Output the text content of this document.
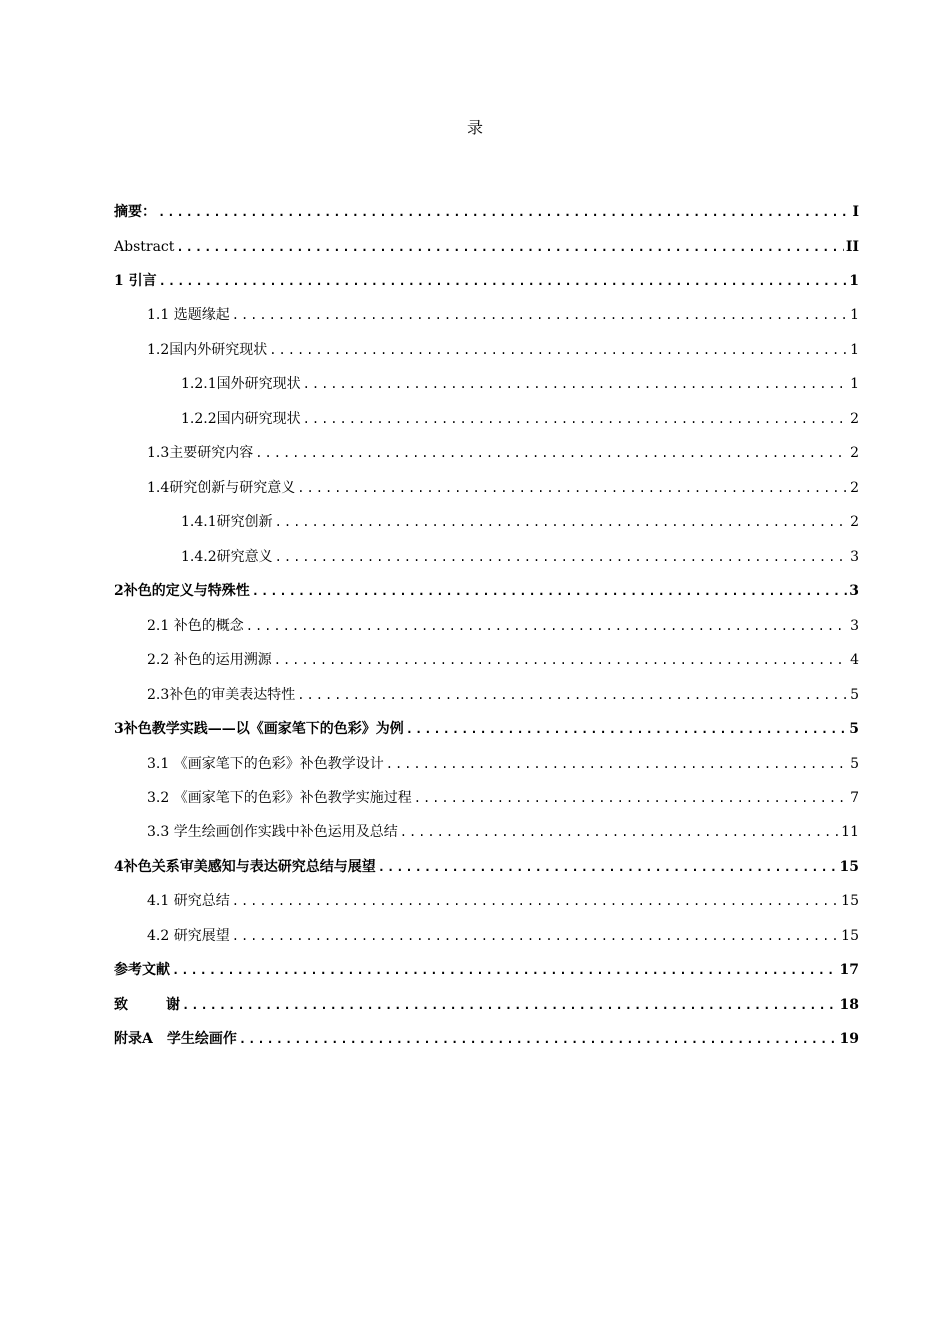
录
摘要： .....	I
Abstract .....	II
1 引言 .....	1
1.1 选题缘起 .....	1
1.2国内外研究现状 .....	1
1.2.1国外研究现状 .....	1
1.2.2国内研究现状 .....	2
1.3主要研究内容 .....	2
1.4研究创新与研究意义 .....	2
1.4.1研究创新 .....	2
1.4.2研究意义 .....	3
2补色的定义与特殊性 .....	3
2.1 补色的概念 .....	3
2.2 补色的运用溯源 .....	4
2.3补色的审美表达特性 .....	5
3补色教学实践——以《画家笔下的色彩》为例 .....	5
3.1 《画家笔下的色彩》补色教学设计 .....	5
3.2 《画家笔下的色彩》补色教学实施过程 .....	7
3.3 学生绘画创作实践中补色运用及总结 .....	11
4补色关系审美感知与表达研究总结与展望 .....	15
4.1 研究总结 .....	15
4.2 研究展望 .....	15
参考文献 .....	17
致	谢 .....	18
附录A　学生绘画作 .....	19
